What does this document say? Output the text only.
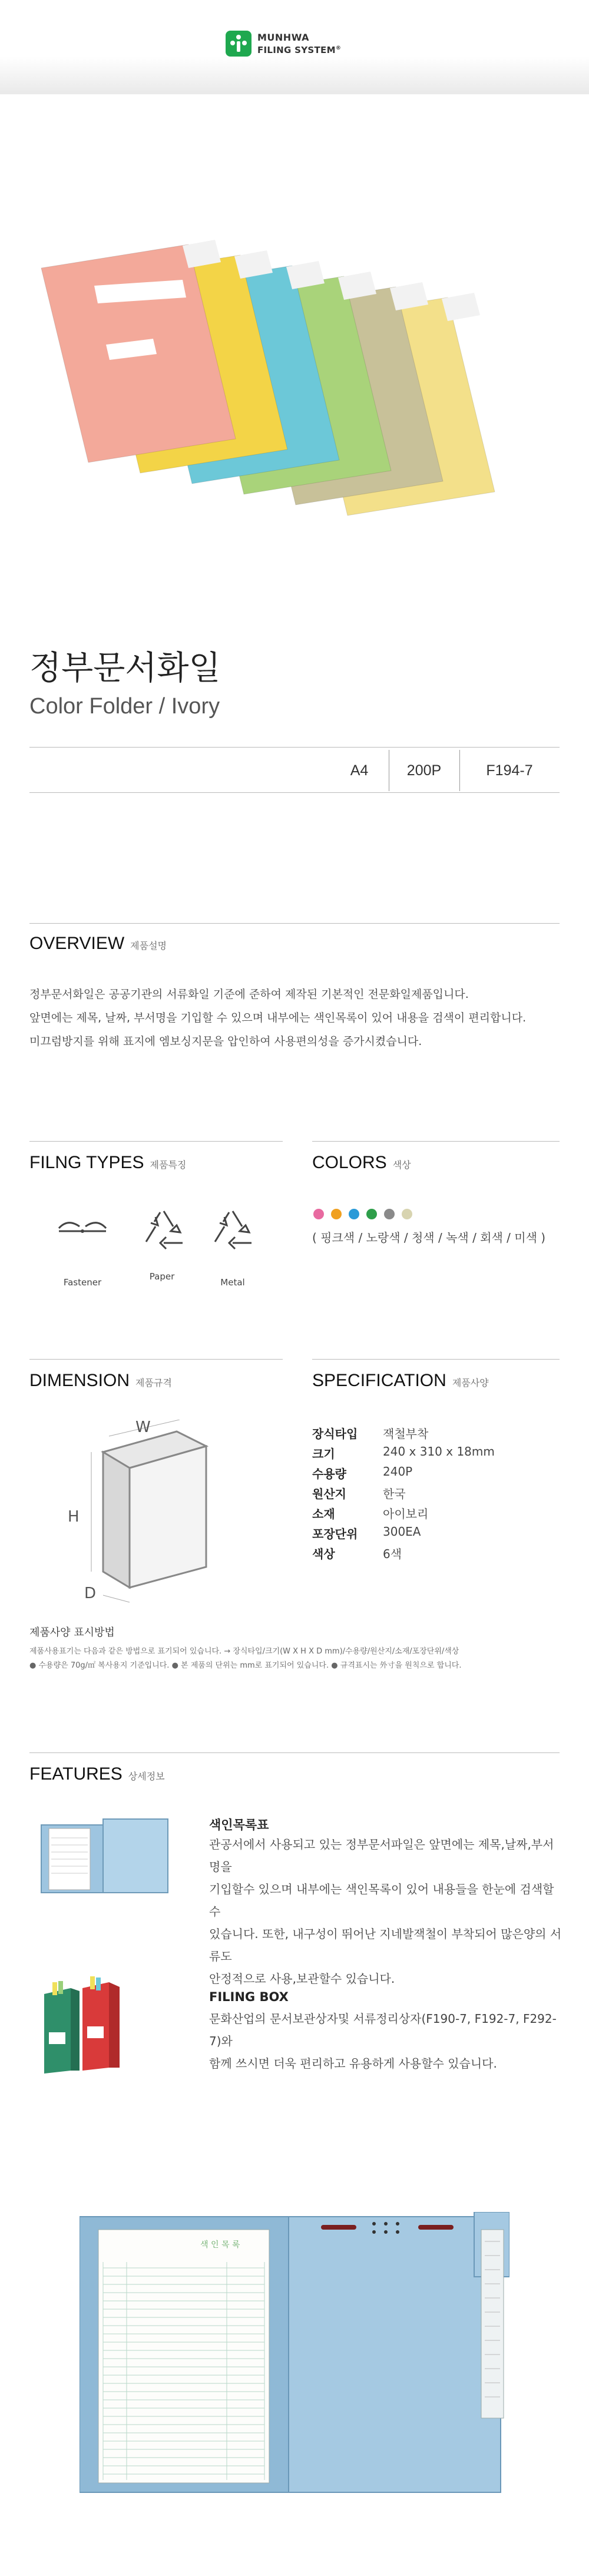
MUNHWA
FILING SYSTEM®
정부문서화일
Color Folder / Ivory
A4	200P	F194-7
OVERVIEW 제품설명
정부문서화일은 공공기관의 서류화일 기준에 준하여 제작된 기본적인 전문화일제품입니다.
앞면에는 제목, 날짜, 부서명을 기입할 수 있으며 내부에는 색인목록이 있어 내용을 검색이 편리합니다.
미끄럼방지를 위해 표지에 엠보싱지문을 압인하여 사용편의성을 증가시켰습니다.
FILNG TYPES 제품특징
Fastener
Paper
Metal
COLORS 색상
( 핑크색 / 노랑색 / 청색 / 녹색 / 회색 / 미색 )
DIMENSION 제품규격
W
H
D
SPECIFICATION 제품사양
장식타입 잭철부착
크기	240 x 310 x 18mm
수용량	240P
원산지	한국
소재	아이보리
포장단위 300EA
색상	6색
제품사양 표시방법
제품사용표기는 다음과 같은 방법으로 표기되어 있습니다. → 장식타입/크기(W X H X D mm)/수용량/원산지/소재/포장단위/색상
● 수용량은 70g/㎡ 복사용지 기준입니다. ● 본 제품의 단위는 mm로 표기되어 있습니다. ● 규격표시는 外寸을 원칙으로 합니다.
FEATURES 상세정보
색인목록표
관공서에서 사용되고 있는 정부문서파일은 앞면에는 제목,날짜,부서명을
기입할수 있으며 내부에는 색인목록이 있어 내용들을 한눈에 검색할수
있습니다. 또한, 내구성이 뛰어난 지네발잭철이 부착되어 많은양의 서류도
안정적으로 사용,보관할수 있습니다.
FILING BOX
문화산업의 문서보관상자및 서류정리상자(F190-7, F192-7, F292-7)와
함께 쓰시면 더욱 편리하고 유용하게 사용할수 있습니다.
색 인 목 록
